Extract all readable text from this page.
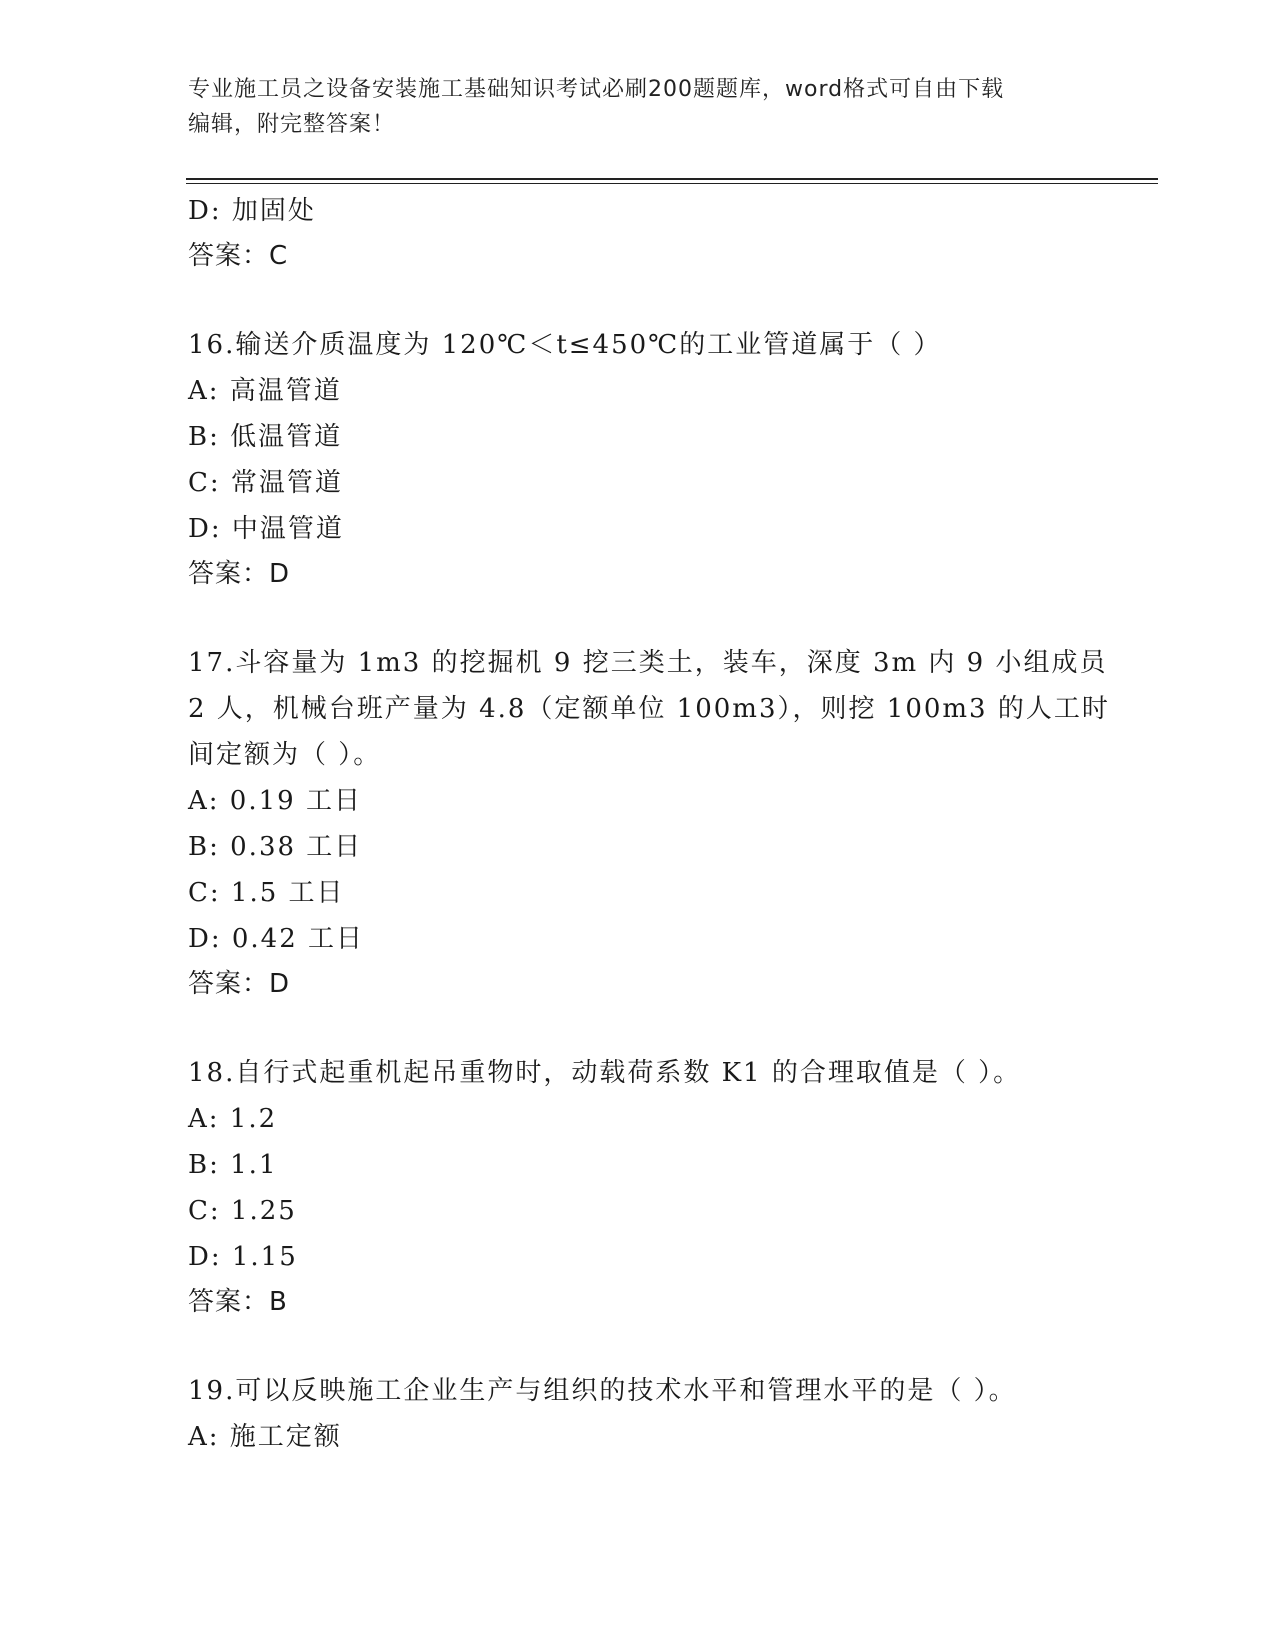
专业施工员之设备安装施工基础知识考试必刷200题题库，word格式可自由下载
编辑，附完整答案！
D: 加固处
答案：C
16.输送介质温度为 120℃＜t≤450℃的工业管道属于（ ）
A: 高温管道
B: 低温管道
C: 常温管道
D: 中温管道
答案：D
17.斗容量为 1m3 的挖掘机 9 挖三类土，装车，深度 3m 内 9 小组成员
2 人，机械台班产量为 4.8（定额单位 100m3），则挖 100m3 的人工时
间定额为（ ）。
A: 0.19 工日
B: 0.38 工日
C: 1.5 工日
D: 0.42 工日
答案：D
18.自行式起重机起吊重物时，动载荷系数 K1 的合理取值是（ ）。
A: 1.2
B: 1.1
C: 1.25
D: 1.15
答案：B
19.可以反映施工企业生产与组织的技术水平和管理水平的是（ ）。
A: 施工定额
